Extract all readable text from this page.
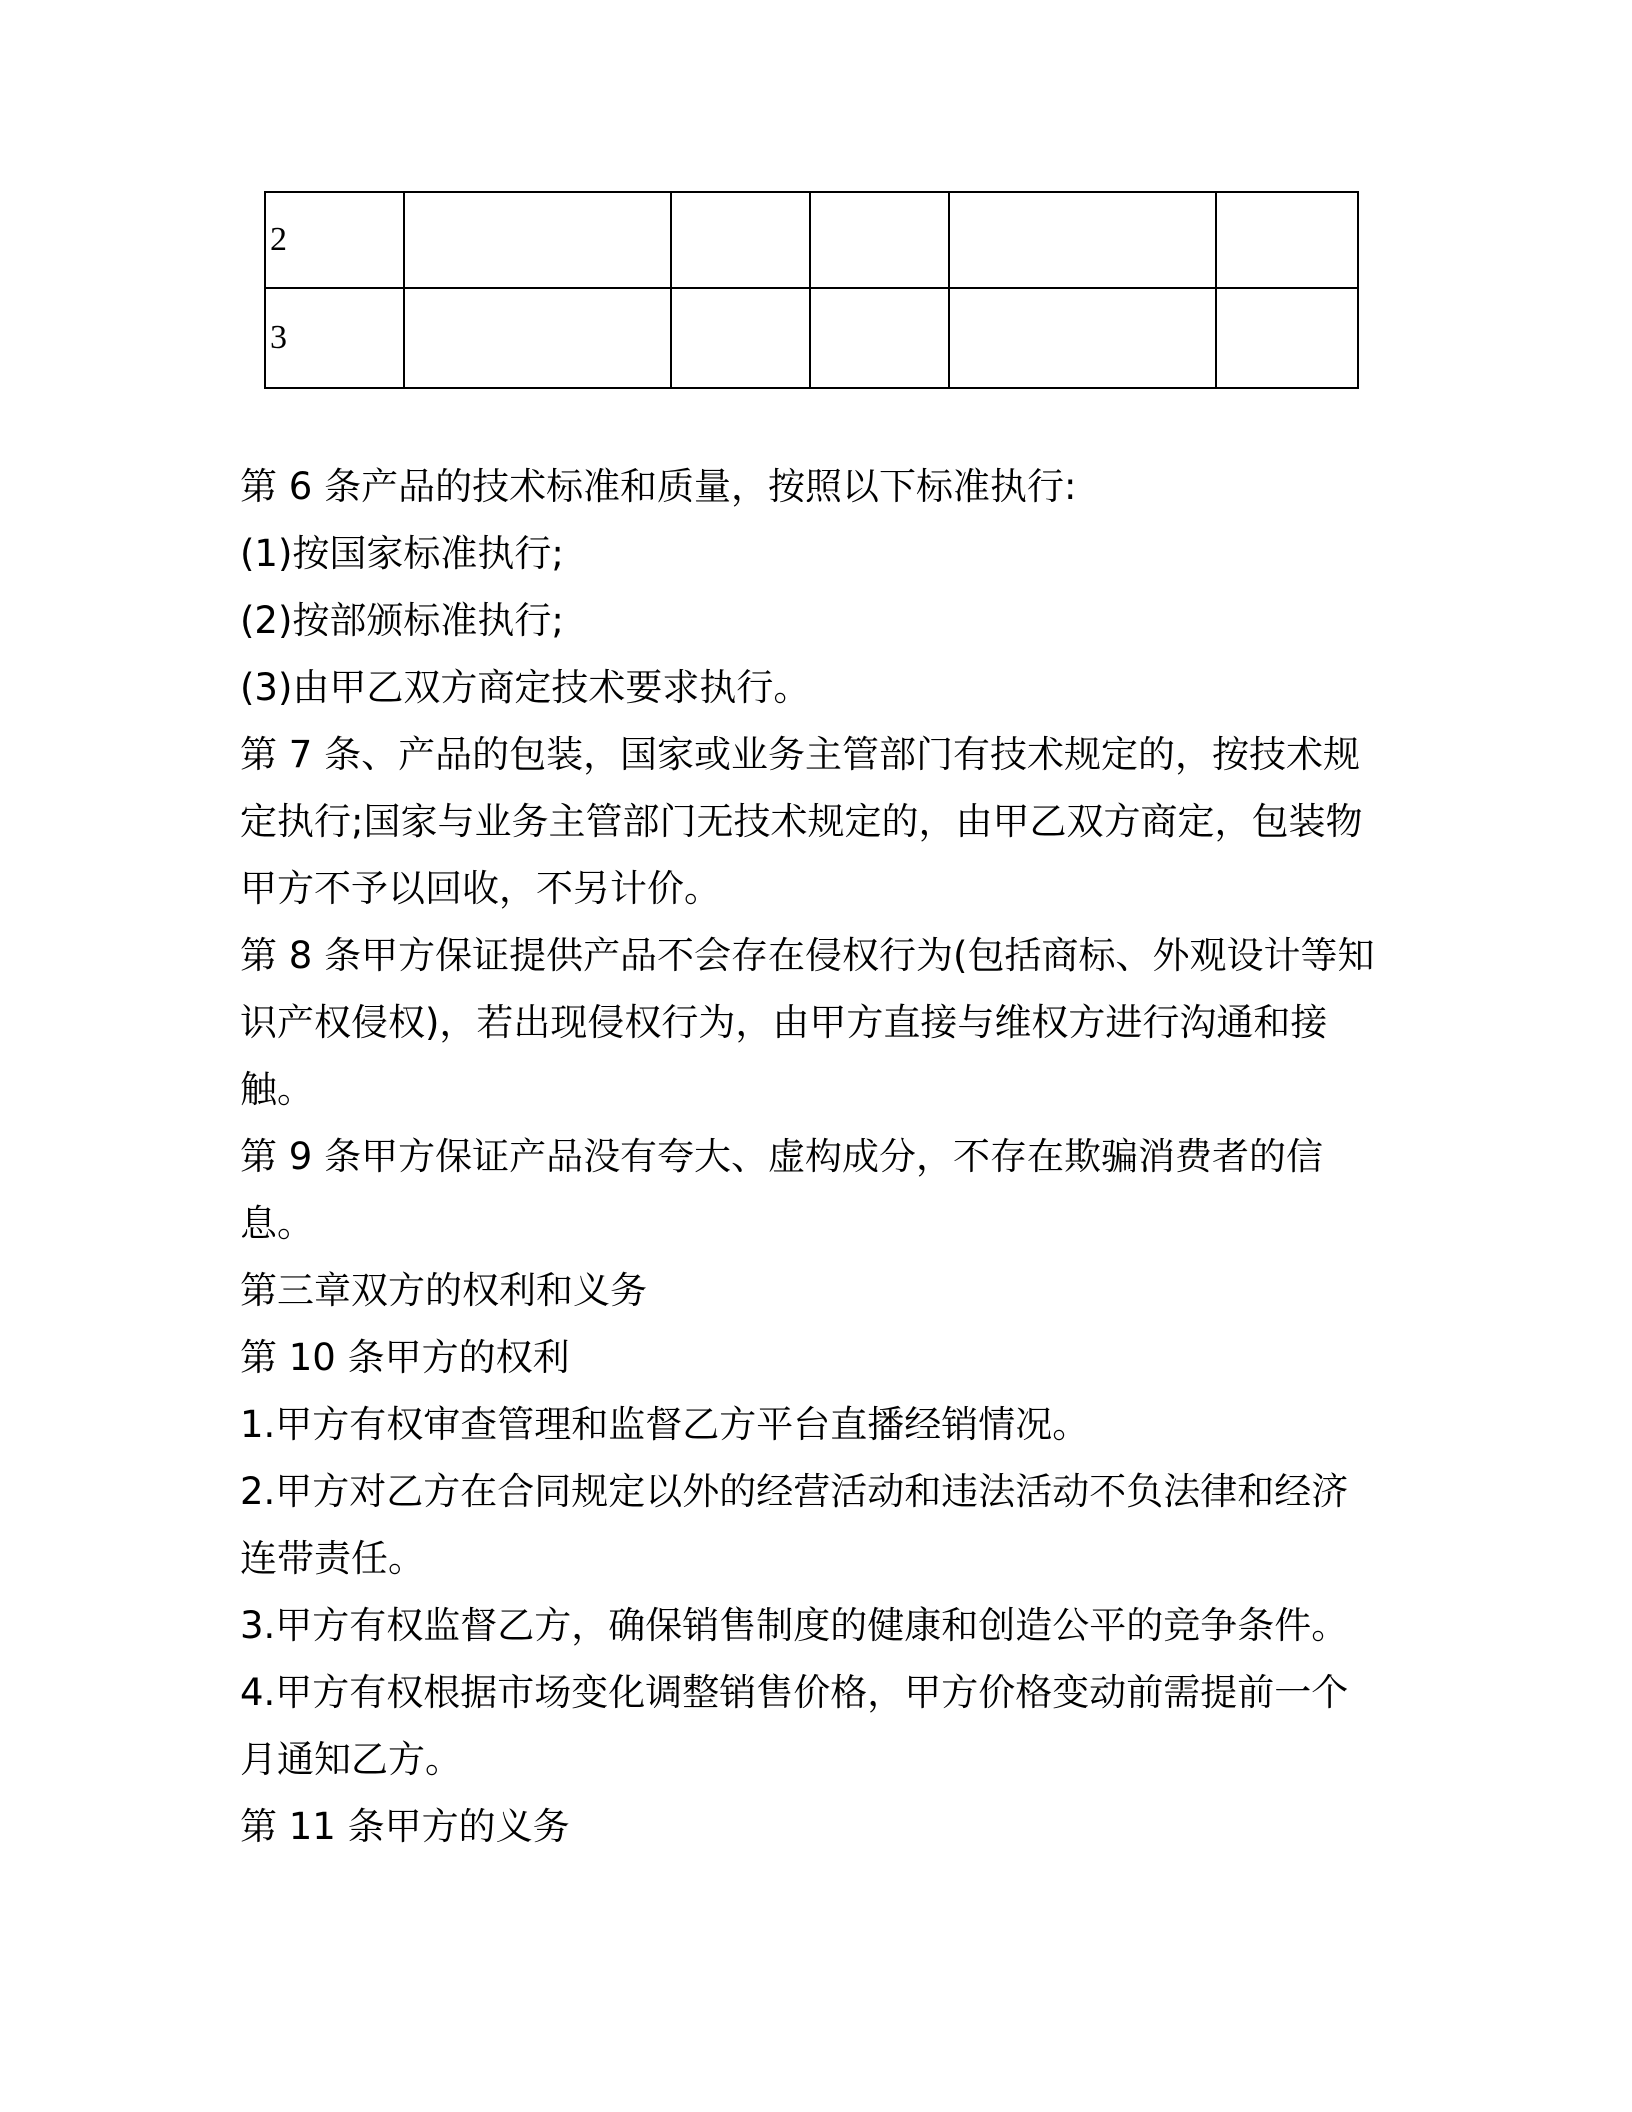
2					
3					

第 6 条产品的技术标准和质量，按照以下标准执行:

(1)按国家标准执行;

(2)按部颁标准执行;

(3)由甲乙双方商定技术要求执行。

第 7 条、产品的包装，国家或业务主管部门有技术规定的，按技术规

定执行;国家与业务主管部门无技术规定的，由甲乙双方商定，包装物

甲方不予以回收，不另计价。

第 8 条甲方保证提供产品不会存在侵权行为(包括商标、外观设计等知

识产权侵权)，若出现侵权行为，由甲方直接与维权方进行沟通和接

触。

第 9 条甲方保证产品没有夸大、虚构成分，不存在欺骗消费者的信

息。

第三章双方的权利和义务

第 10 条甲方的权利

1.甲方有权审查管理和监督乙方平台直播经销情况。

2.甲方对乙方在合同规定以外的经营活动和违法活动不负法律和经济

连带责任。

3.甲方有权监督乙方，确保销售制度的健康和创造公平的竞争条件。

4.甲方有权根据市场变化调整销售价格，甲方价格变动前需提前一个

月通知乙方。

第 11 条甲方的义务
